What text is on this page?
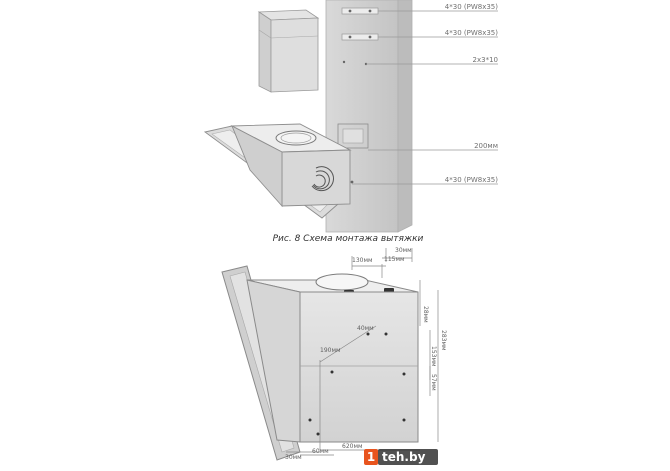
4*30 (PW8x35)
4*30 (PW8x35)
2x3*10
200мм
4*30 (PW8x35)
Рис. 8 Схема монтажа вытяжки
30мм
130мм 115мм
40мм
190мм
28мм
283мм
153мм
57мм
620мм
30мм
60мм	1 teh.by
